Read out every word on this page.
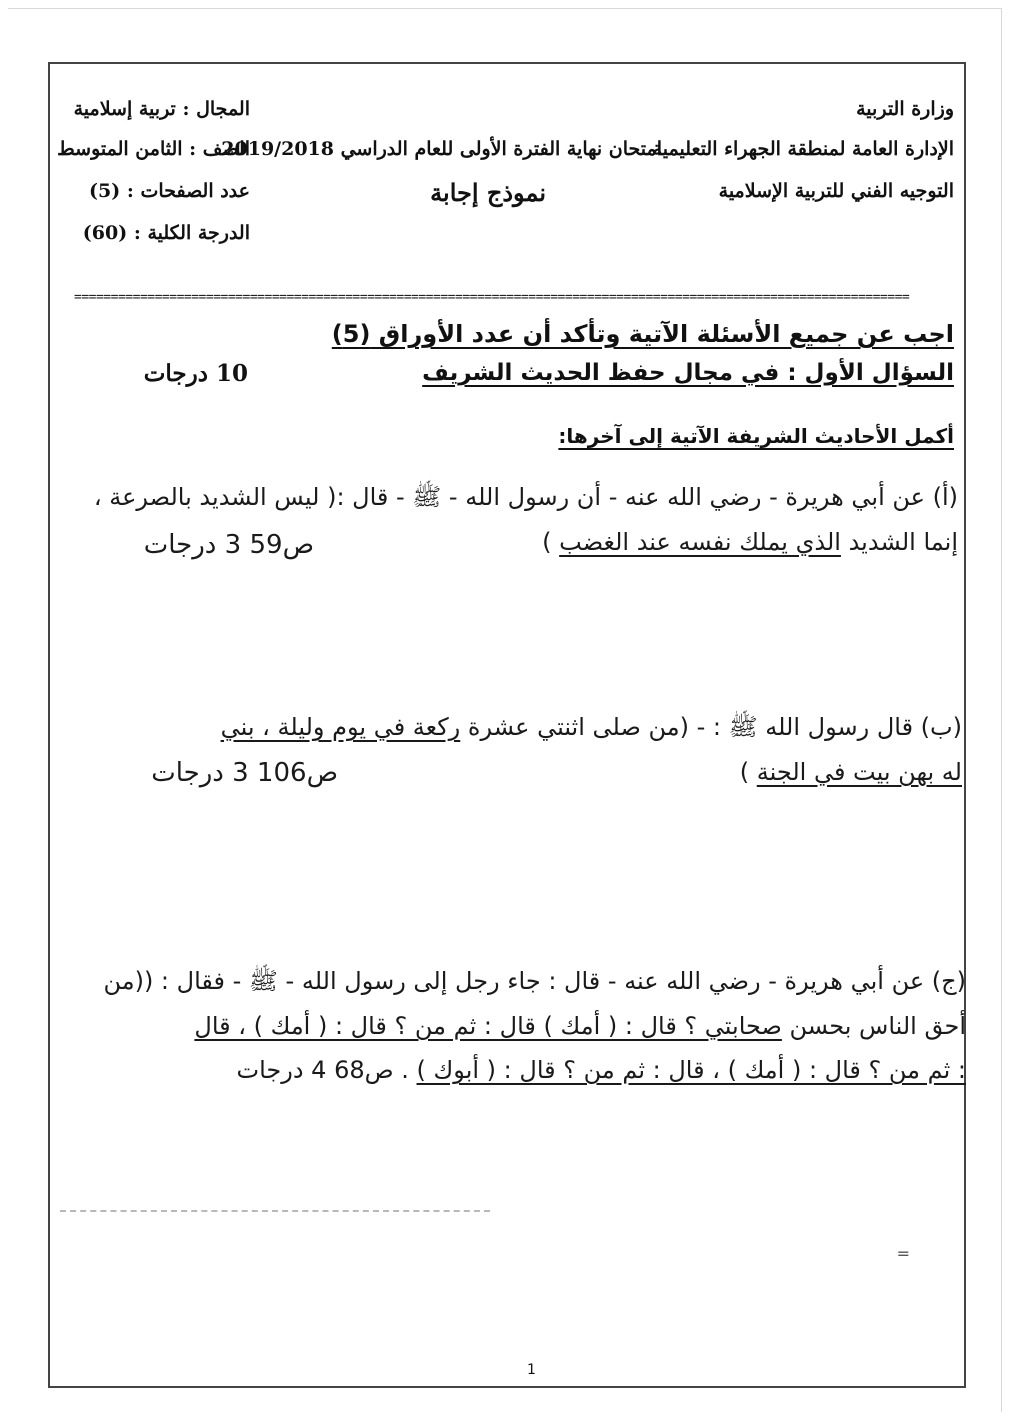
وزارة التربية
الإدارة العامة لمنطقة الجهراء التعليمية
التوجيه الفني للتربية الإسلامية
امتحان نهاية الفترة الأولى للعام الدراسي 2019/2018
نموذج إجابة
المجال : تربية إسلامية
الصف : الثامن المتوسط
عدد الصفحات : (5)
الدرجة الكلية : (60)
==================================================================================================================
اجب عن جميع الأسئلة الآتية وتأكد أن عدد الأوراق (5)
السؤال الأول : في مجال حفظ الحديث الشريف
10 درجات
أكمل الأحاديث الشريفة الآتية إلى آخرها:
(أ) عن أبي هريرة - رضي الله عنه - أن رسول الله - ﷺ - قال :( ليس الشديد بالصرعة ،
إنما الشديد الذي يملك نفسه عند الغضب )
ص59 3 درجات
(ب) قال رسول الله ﷺ : - (من صلى اثنتي عشرة ركعة في يوم وليلة ، بني
له بهن بيت في الجنة )
ص106 3 درجات
(ج) عن أبي هريرة - رضي الله عنه - قال : جاء رجل إلى رسول الله - ﷺ - فقال : ((من
أحق الناس بحسن صحابتي ؟ قال : ( أمك ) قال : ثم من ؟ قال : ( أمك ) ، قال
: ثم من ؟ قال : ( أمك ) ، قال : ثم من ؟ قال : ( أبوك ) . ص68 4 درجات
=
1
